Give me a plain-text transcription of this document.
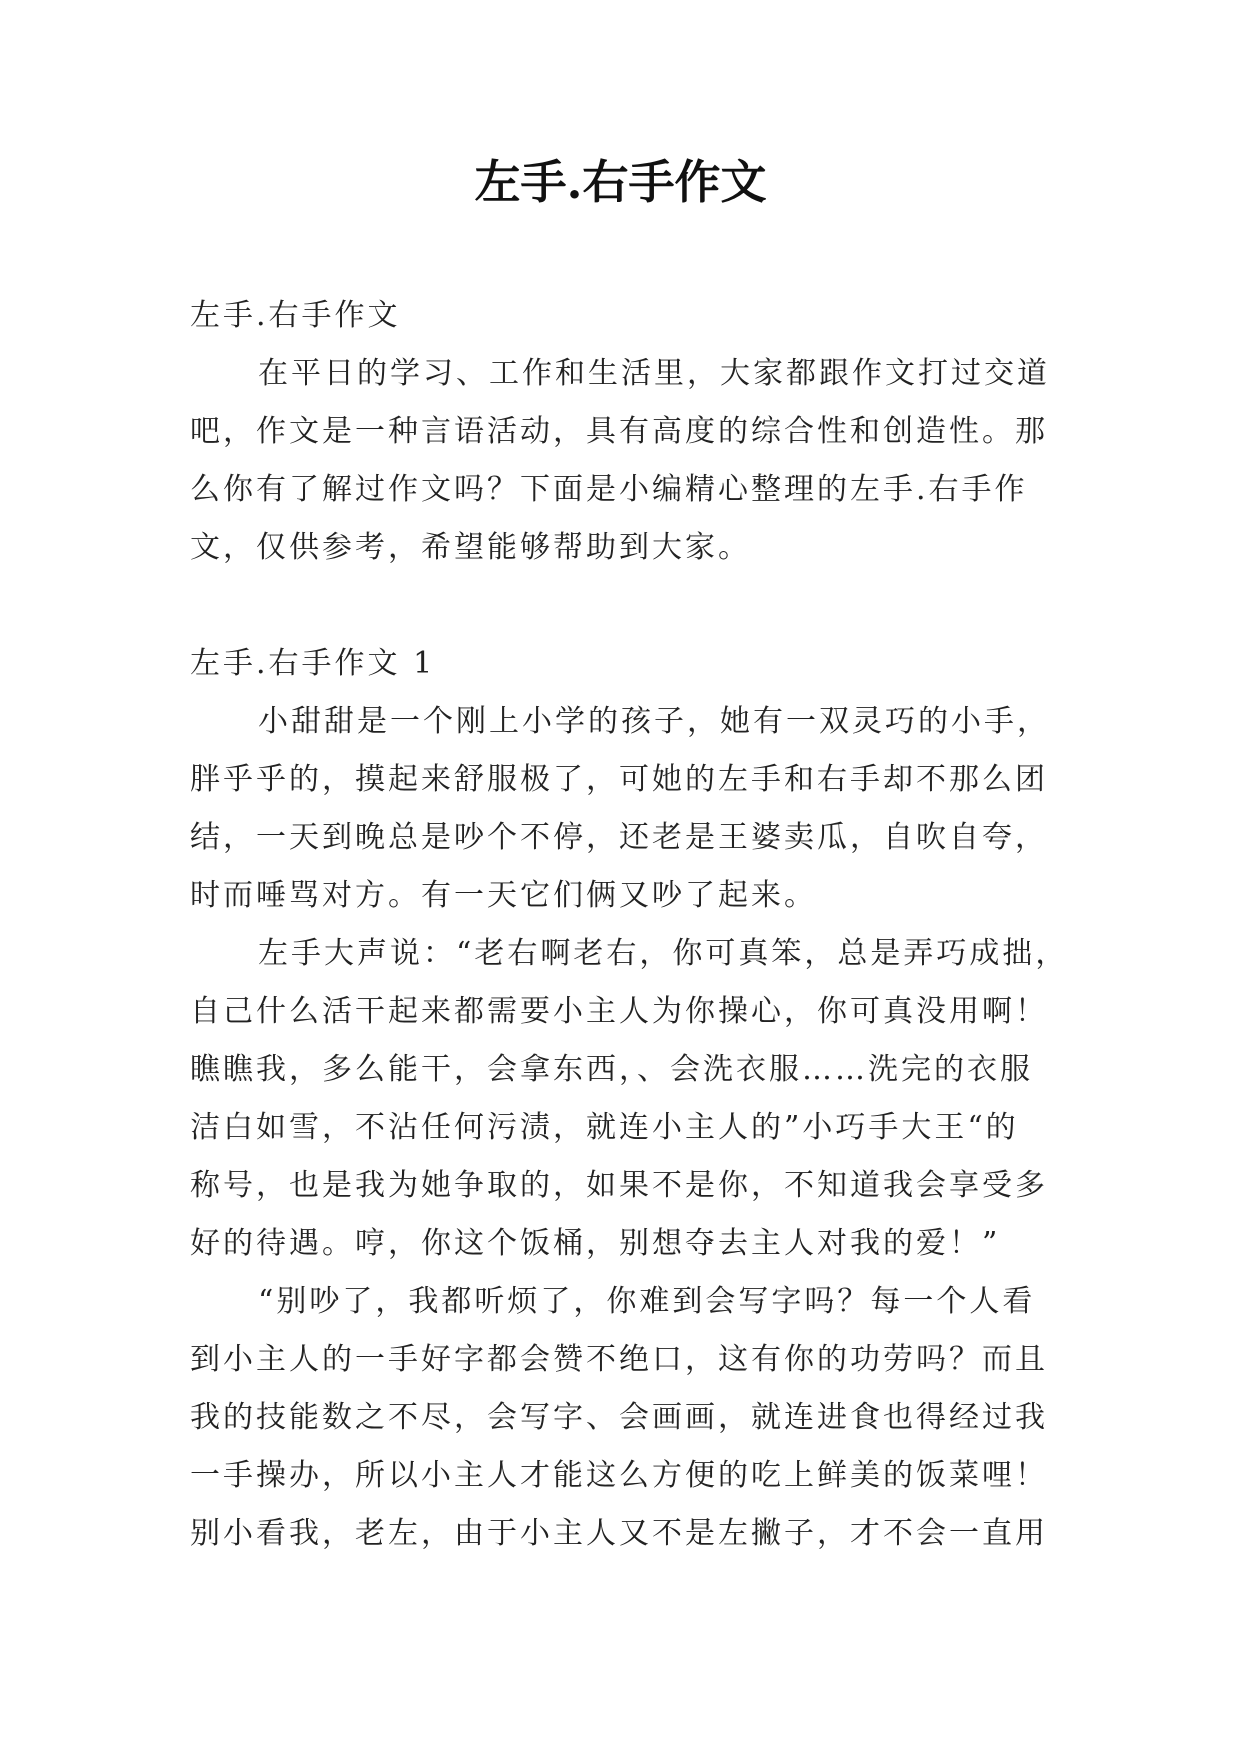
左手.右手作文

左手.右手作文

在平日的学习、工作和生活里，大家都跟作文打过交道
吧，作文是一种言语活动，具有高度的综合性和创造性。那
么你有了解过作文吗？下面是小编精心整理的左手.右手作
文，仅供参考，希望能够帮助到大家。

左手.右手作文 1

小甜甜是一个刚上小学的孩子，她有一双灵巧的小手，
胖乎乎的，摸起来舒服极了，可她的左手和右手却不那么团
结，一天到晚总是吵个不停，还老是王婆卖瓜，自吹自夸，
时而唾骂对方。有一天它们俩又吵了起来。

左手大声说：“老右啊老右，你可真笨，总是弄巧成拙，
自己什么活干起来都需要小主人为你操心，你可真没用啊！
瞧瞧我，多么能干，会拿东西，、会洗衣服……洗完的衣服
洁白如雪，不沾任何污渍，就连小主人的”小巧手大王“的
称号，也是我为她争取的，如果不是你，不知道我会享受多
好的待遇。哼，你这个饭桶，别想夺去主人对我的爱！”

“别吵了，我都听烦了，你难到会写字吗？每一个人看
到小主人的一手好字都会赞不绝口，这有你的功劳吗？而且
我的技能数之不尽，会写字、会画画，就连进食也得经过我
一手操办，所以小主人才能这么方便的吃上鲜美的饭菜哩！
别小看我，老左，由于小主人又不是左撇子，才不会一直用
